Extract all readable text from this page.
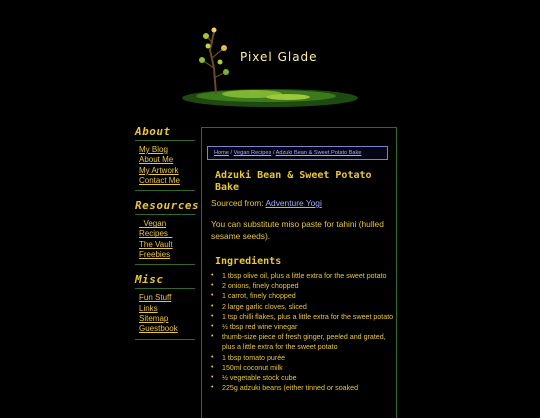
Pixel Glade
About
My Blog
About Me
My Artwork
Contact Me
Resources
_Vegan Recipes_
The Vault
Freebies
Misc
Fun Stuff
Links
Sitemap
Guestbook
Home / Vegan Recipes / Adzuki Bean & Sweet Potato Bake
Adzuki Bean & Sweet Potato Bake
Sourced from: Adventure Yogi
You can substitute miso paste for tahini (hulled sesame seeds).
Ingredients
• 1 tbsp olive oil, plus a little extra for the sweet potato
• 2 onions, finely chopped
• 1 carrot, finely chopped
• 2 large garlic cloves, sliced
• 1 tsp chilli flakes, plus a little extra for the sweet potato
• ½ tbsp red wine vinegar
• thumb-size piece of fresh ginger, peeled and grated, plus a little extra for the sweet potato
• 1 tbsp tomato purée
• 150ml coconut milk
• ½ vegetable stock cube
• 225g adzuki beans (either tinned or soaked
